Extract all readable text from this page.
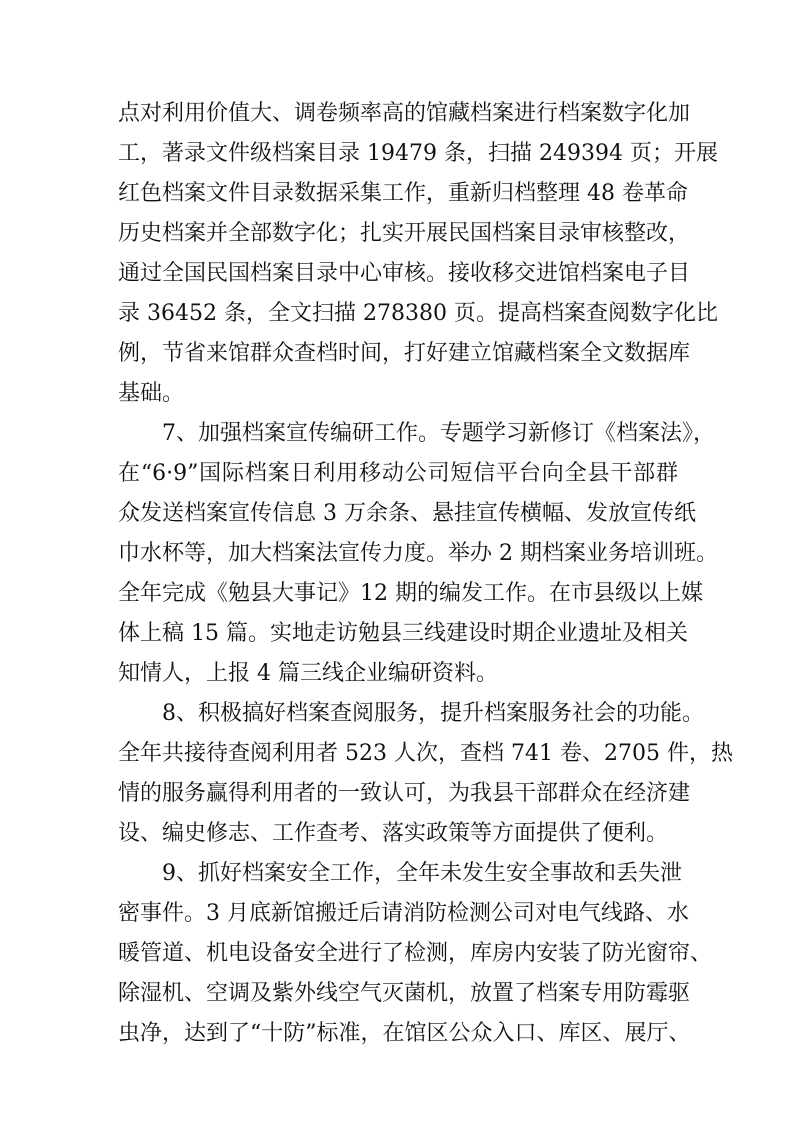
点对利用价值大、调卷频率高的馆藏档案进行档案数字化加
工，著录文件级档案目录 19479 条，扫描 249394 页；开展
红色档案文件目录数据采集工作，重新归档整理 48 卷革命
历史档案并全部数字化；扎实开展民国档案目录审核整改，
通过全国民国档案目录中心审核。接收移交进馆档案电子目
录 36452 条，全文扫描 278380 页。提高档案查阅数字化比
例，节省来馆群众查档时间，打好建立馆藏档案全文数据库
基础。
7、加强档案宣传编研工作。专题学习新修订《档案法》，
在“6·9”国际档案日利用移动公司短信平台向全县干部群
众发送档案宣传信息 3 万余条、悬挂宣传横幅、发放宣传纸
巾水杯等，加大档案法宣传力度。举办 2 期档案业务培训班。
全年完成《勉县大事记》12 期的编发工作。在市县级以上媒
体上稿 15 篇。实地走访勉县三线建设时期企业遗址及相关
知情人，上报 4 篇三线企业编研资料。
8、积极搞好档案查阅服务，提升档案服务社会的功能。
全年共接待查阅利用者 523 人次，查档 741 卷、2705 件，热
情的服务赢得利用者的一致认可，为我县干部群众在经济建
设、编史修志、工作查考、落实政策等方面提供了便利。
9、抓好档案安全工作，全年未发生安全事故和丢失泄
密事件。3 月底新馆搬迁后请消防检测公司对电气线路、水
暖管道、机电设备安全进行了检测，库房内安装了防光窗帘、
除湿机、空调及紫外线空气灭菌机，放置了档案专用防霉驱
虫净，达到了“十防”标准，在馆区公众入口、库区、展厅、
